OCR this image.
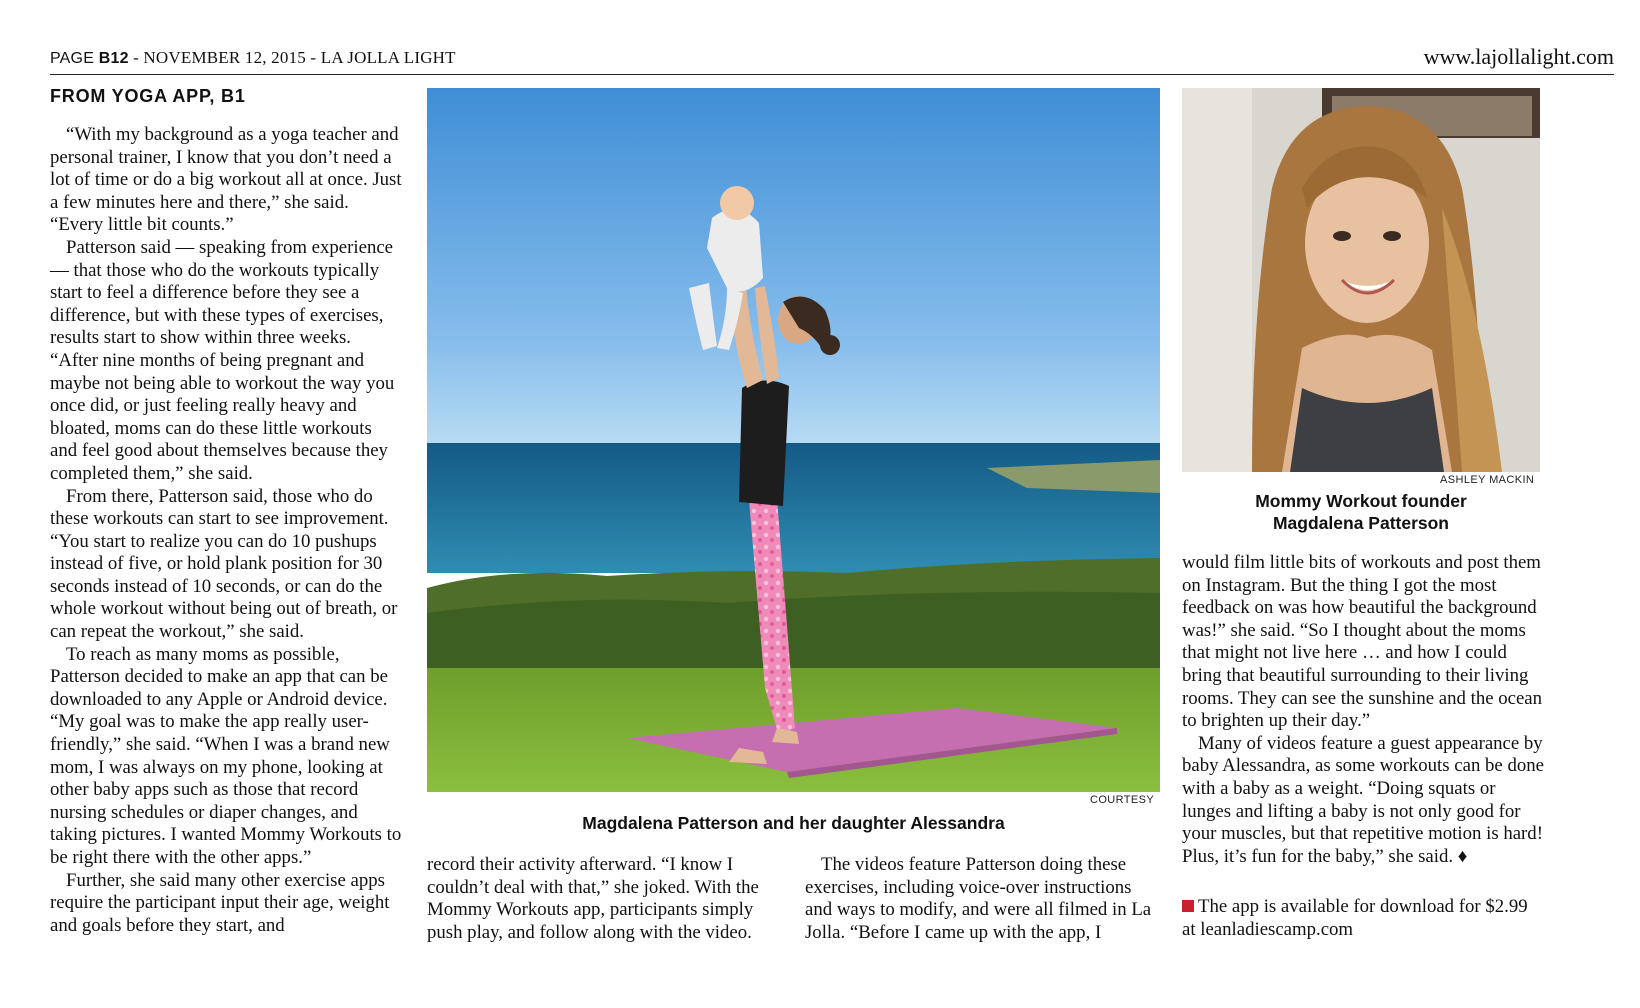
PAGE B12 - NOVEMBER 12, 2015 - LA JOLLA LIGHT	www.lajollalight.com
FROM YOGA APP, B1

“With my background as a yoga teacher and personal trainer, I know that you don’t need a lot of time or do a big workout all at once. Just a few minutes here and there,” she said. “Every little bit counts.”

Patterson said — speaking from experience — that those who do the workouts typically start to feel a difference before they see a difference, but with these types of exercises, results start to show within three weeks. “After nine months of being pregnant and maybe not being able to workout the way you once did, or just feeling really heavy and bloated, moms can do these little workouts and feel good about themselves because they completed them,” she said.

From there, Patterson said, those who do these workouts can start to see improvement. “You start to realize you can do 10 pushups instead of five, or hold plank position for 30 seconds instead of 10 seconds, or can do the whole workout without being out of breath, or can repeat the workout,” she said.

To reach as many moms as possible, Patterson decided to make an app that can be downloaded to any Apple or Android device. “My goal was to make the app really user-friendly,” she said. “When I was a brand new mom, I was always on my phone, looking at other baby apps such as those that record nursing schedules or diaper changes, and taking pictures. I wanted Mommy Workouts to be right there with the other apps.”

Further, she said many other exercise apps require the participant input their age, weight and goals before they start, and

COURTESY
Magdalena Patterson and her daughter Alessandra

record their activity afterward. “I know I couldn’t deal with that,” she joked. With the Mommy Workouts app, participants simply push play, and follow along with the video.

The videos feature Patterson doing these exercises, including voice-over instructions and ways to modify, and were all filmed in La Jolla. “Before I came up with the app, I

ASHLEY MACKIN
Mommy Workout founder
Magdalena Patterson

would film little bits of workouts and post them on Instagram. But the thing I got the most feedback on was how beautiful the background was!” she said. “So I thought about the moms that might not live here … and how I could bring that beautiful surrounding to their living rooms. They can see the sunshine and the ocean to brighten up their day.”

Many of videos feature a guest appearance by baby Alessandra, as some workouts can be done with a baby as a weight. “Doing squats or lunges and lifting a baby is not only good for your muscles, but that repetitive motion is hard! Plus, it’s fun for the baby,” she said. ♦

The app is available for download for $2.99 at leanladiescamp.com
